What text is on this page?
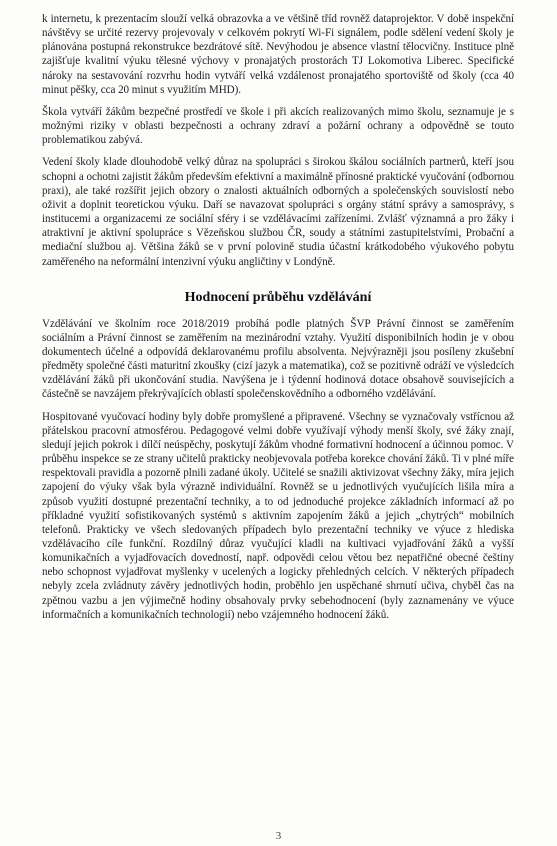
k internetu, k prezentacím slouží velká obrazovka a ve většině tříd rovněž dataprojektor. V době inspekční návštěvy se určité rezervy projevovaly v celkovém pokrytí Wi-Fi signálem, podle sdělení vedení školy je plánována postupná rekonstrukce bezdrátové sítě. Nevýhodou je absence vlastní tělocvičny. Instituce plně zajišťuje kvalitní výuku tělesné výchovy v pronajatých prostorách TJ Lokomotiva Liberec. Specifické nároky na sestavování rozvrhu hodin vytváří velká vzdálenost pronajatého sportoviště od školy (cca 40 minut pěšky, cca 20 minut s využitím MHD).

Škola vytváří žákům bezpečné prostředí ve škole i při akcích realizovaných mimo školu, seznamuje je s možnými riziky v oblasti bezpečnosti a ochrany zdraví a požární ochrany a odpovědně se touto problematikou zabývá.

Vedení školy klade dlouhodobě velký důraz na spolupráci s širokou škálou sociálních partnerů, kteří jsou schopni a ochotni zajistit žákům především efektivní a maximálně přínosné praktické vyučování (odbornou praxi), ale také rozšířit jejich obzory o znalosti aktuálních odborných a společenských souvislostí nebo oživit a doplnit teoretickou výuku. Daří se navazovat spolupráci s orgány státní správy a samosprávy, s institucemi a organizacemi ze sociální sféry i se vzdělávacími zařízeními. Zvlášť významná a pro žáky i atraktivní je aktivní spolupráce s Vězeňskou službou ČR, soudy a státními zastupitelstvími, Probační a mediační službou aj. Většina žáků se v první polovině studia účastní krátkodobého výukového pobytu zaměřeného na neformální intenzivní výuku angličtiny v Londýně.

Hodnocení průběhu vzdělávání

Vzdělávání ve školním roce 2018/2019 probíhá podle platných ŠVP Právní činnost se zaměřením sociálním a Právní činnost se zaměřením na mezinárodní vztahy. Využití disponibilních hodin je v obou dokumentech účelné a odpovídá deklarovanému profilu absolventa. Nejvýrazněji jsou posíleny zkušební předměty společné části maturitní zkoušky (cizí jazyk a matematika), což se pozitivně odráží ve výsledcích vzdělávání žáků při ukončování studia. Navýšena je i týdenní hodinová dotace obsahově souvisejících a částečně se navzájem překrývajících oblastí společenskovědního a odborného vzdělávání.

Hospitované vyučovací hodiny byly dobře promyšlené a připravené. Všechny se vyznačovaly vstřícnou až přátelskou pracovní atmosférou. Pedagogové velmi dobře využívají výhody menší školy, své žáky znají, sledují jejich pokrok i dílčí neúspěchy, poskytují žákům vhodné formativní hodnocení a účinnou pomoc. V průběhu inspekce se ze strany učitelů prakticky neobjevovala potřeba korekce chování žáků. Ti v plné míře respektovali pravidla a pozorně plnili zadané úkoly. Učitelé se snažili aktivizovat všechny žáky, míra jejich zapojení do výuky však byla výrazně individuální. Rovněž se u jednotlivých vyučujících lišila míra a způsob využití dostupné prezentační techniky, a to od jednoduché projekce základních informací až po příkladné využití sofistikovaných systémů s aktivním zapojením žáků a jejich „chytrých“ mobilních telefonů. Prakticky ve všech sledovaných případech bylo prezentační techniky ve výuce z hlediska vzdělávacího cíle funkční. Rozdílný důraz vyučující kladli na kultivaci vyjadřování žáků a vyšší komunikačních a vyjadřovacích dovedností, např. odpovědi celou větou bez nepatřičné obecné češtiny nebo schopnost vyjadřovat myšlenky v ucelených a logicky přehledných celcích. V některých případech nebyly zcela zvládnuty závěry jednotlivých hodin, proběhlo jen uspěchané shrnutí učiva, chyběl čas na zpětnou vazbu a jen výjimečně hodiny obsahovaly prvky sebehodnocení (byly zaznamenány ve výuce informačních a komunikačních technologií) nebo vzájemného hodnocení žáků.

3
